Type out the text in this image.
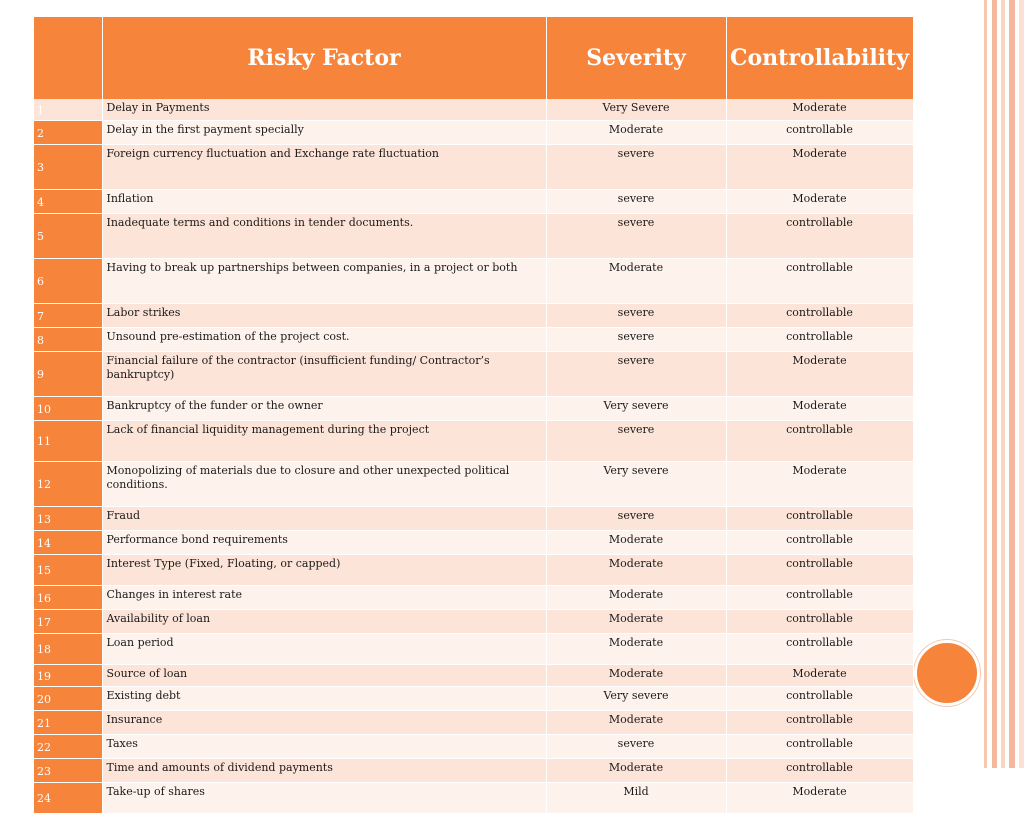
	Risky Factor	Severity	Controllability
1	Delay in Payments	Very Severe	Moderate
2	Delay in the first payment specially	Moderate	controllable
3	Foreign currency fluctuation and Exchange rate fluctuation	severe	Moderate
4	Inflation	severe	Moderate
5	Inadequate terms and conditions in tender documents.	severe	controllable
6	Having to break up partnerships between companies, in a project or both	Moderate	controllable
7	Labor strikes	severe	controllable
8	Unsound pre-estimation of the project cost.	severe	controllable
9	Financial failure of the contractor (insufficient funding/ Contractor’s bankruptcy)	severe	Moderate
10	Bankruptcy of the funder or the owner	Very severe	Moderate
11	Lack of financial liquidity management during the project	severe	controllable
12	Monopolizing of materials due to closure and other unexpected political conditions.	Very severe	Moderate
13	Fraud	severe	controllable
14	Performance bond requirements	Moderate	controllable
15	Interest Type (Fixed, Floating, or capped)	Moderate	controllable
16	Changes in interest rate	Moderate	controllable
17	Availability of loan	Moderate	controllable
18	Loan period	Moderate	controllable
19	Source of loan	Moderate	Moderate
20	Existing debt	Very severe	controllable
21	Insurance	Moderate	controllable
22	Taxes	severe	controllable
23	Time and amounts of dividend payments	Moderate	controllable
24	Take-up of shares	Mild	Moderate
